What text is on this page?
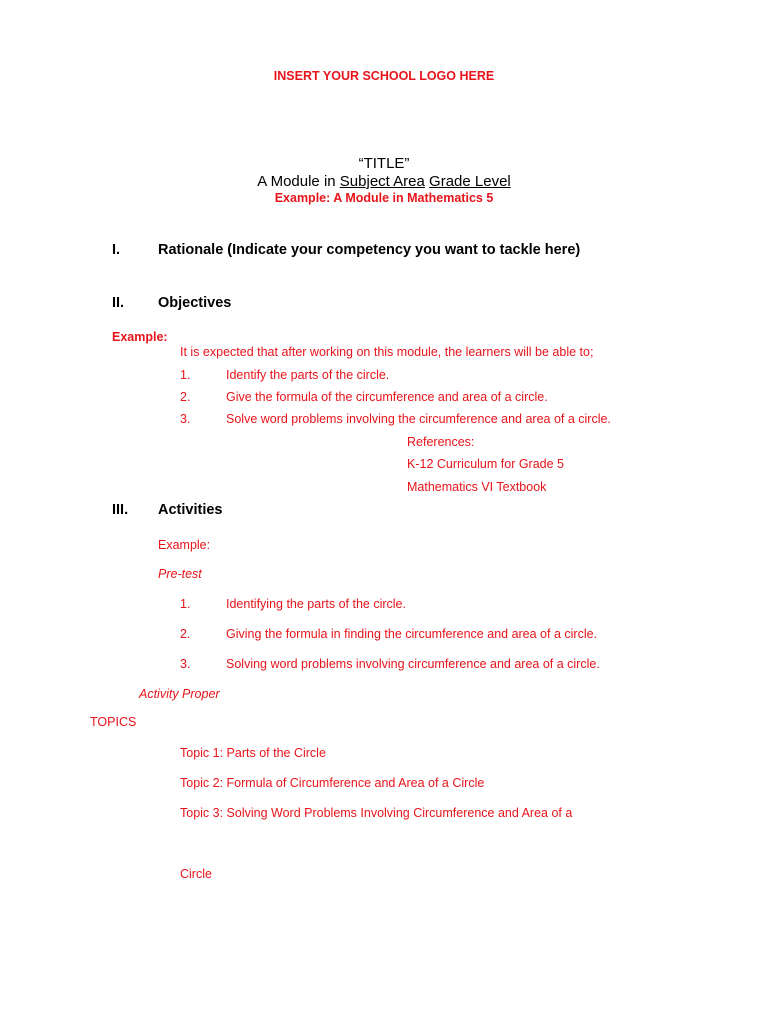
INSERT YOUR SCHOOL LOGO HERE
“TITLE”
A Module in Subject Area Grade Level
Example: A Module in Mathematics 5
I.	Rationale (Indicate your competency you want to tackle here)
II. Objectives
Example:
It is expected that after working on this module, the learners will be able to;
1.	Identify the parts of the circle.
2.	Give the formula of the circumference and area of a circle.
3.	Solve word problems involving the circumference and area of a circle.
References:
K-12 Curriculum for Grade 5
Mathematics VI Textbook
III. Activities
Example:
Pre-test
1.	Identifying the parts of the circle.
2.	Giving the formula in finding the circumference and area of a circle.
3.	Solving word problems involving circumference and area of a circle.
Activity Proper
TOPICS
Topic 1: Parts of the Circle
Topic 2: Formula of Circumference and Area of a Circle
Topic 3: Solving Word Problems Involving Circumference and Area of a
Circle
